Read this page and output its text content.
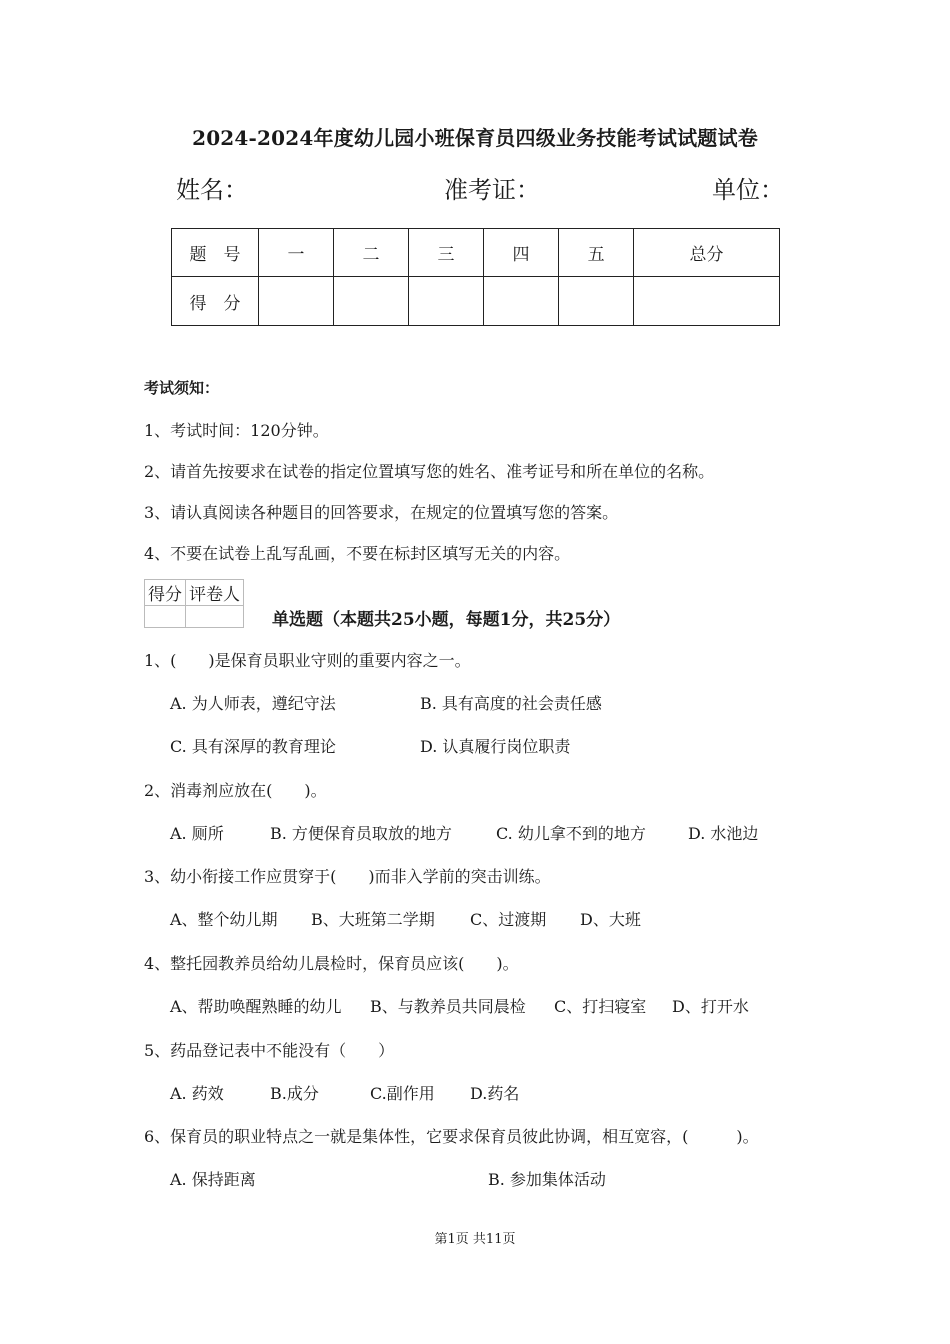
2024-2024年度幼儿园小班保育员四级业务技能考试试题试卷
姓名：	准考证：	单位：
题　号	一	二	三	四	五	总分
得　分						
考试须知：
1、考试时间：120分钟。
2、请首先按要求在试卷的指定位置填写您的姓名、准考证号和所在单位的名称。
3、请认真阅读各种题目的回答要求，在规定的位置填写您的答案。
4、不要在试卷上乱写乱画，不要在标封区填写无关的内容。
得分	评卷人

单选题（本题共25小题，每题1分，共25分）
1、(　　)是保育员职业守则的重要内容之一。
A. 为人师表，遵纪守法	B. 具有高度的社会责任感
C. 具有深厚的教育理论	D. 认真履行岗位职责
2、消毒剂应放在(　　)。
A. 厕所	B. 方便保育员取放的地方	C. 幼儿拿不到的地方	D. 水池边
3、幼小衔接工作应贯穿于(　　)而非入学前的突击训练。
A、整个幼儿期 B、大班第二学期 C、过渡期 D、大班
4、整托园教养员给幼儿晨检时，保育员应该(　　)。
A、帮助唤醒熟睡的幼儿 B、与教养员共同晨检 C、打扫寝室 D、打开水
5、药品登记表中不能没有（　　）
A. 药效	B.成分	C.副作用 D.药名
6、保育员的职业特点之一就是集体性，它要求保育员彼此协调，相互宽容，(　　　)。
A. 保持距离	B. 参加集体活动
第1页 共11页
